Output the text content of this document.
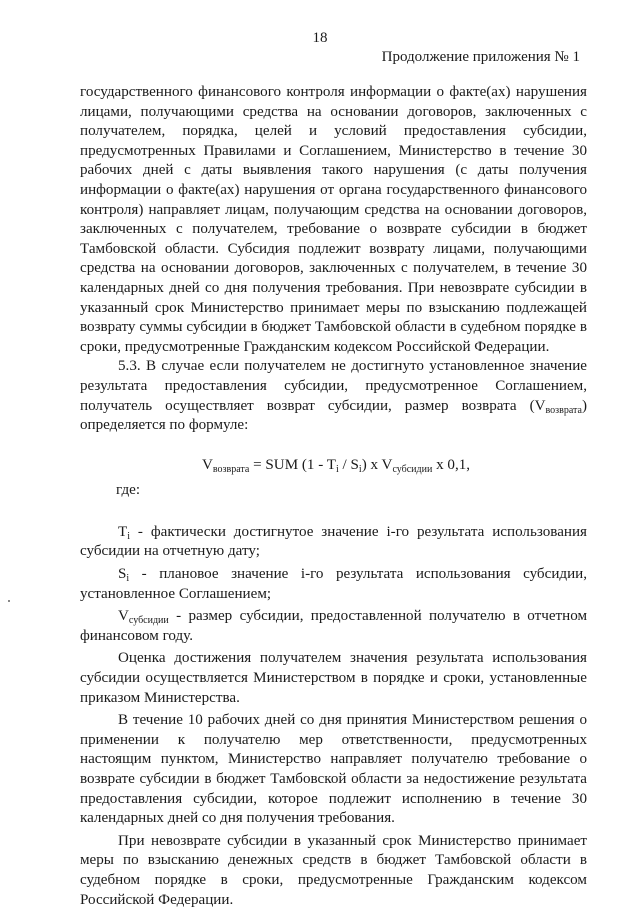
18

Продолжение приложения № 1

государственного финансового контроля информации о факте(ах) нарушения лицами, получающими средства на основании договоров, заключенных с получателем, порядка, целей и условий предоставления субсидии, предусмотренных Правилами и Соглашением, Министерство в течение 30 рабочих дней с даты выявления такого нарушения (с даты получения информации о факте(ах) нарушения от органа государственного финансового контроля) направляет лицам, получающим средства на основании договоров, заключенных с получателем, требование о возврате субсидии в бюджет Тамбовской области. Субсидия подлежит возврату лицами, получающими средства на основании договоров, заключенных с получателем, в течение 30 календарных дней со дня получения требования. При невозврате субсидии в указанный срок Министерство принимает меры по взысканию подлежащей возврату суммы субсидии в бюджет Тамбовской области в судебном порядке в сроки, предусмотренные Гражданским кодексом Российской Федерации.

5.3. В случае если получателем не достигнуто установленное значение результата предоставления субсидии, предусмотренное Соглашением, получатель осуществляет возврат субсидии, размер возврата $(V_{возврата})$ определяется по формуле:

$V_{возврата}$ = SUM $(1 - T_i / S_i)$ x $V_{субсидии}$ x 0,1,

где:

$T_i$ - фактически достигнутое значение i-го результата использования субсидии на отчетную дату;

$S_i$ - плановое значение i-го результата использования субсидии, установленное Соглашением;

$V_{субсидии}$ - размер субсидии, предоставленной получателю в отчетном финансовом году.

Оценка достижения получателем значения результата использования субсидии осуществляется Министерством в порядке и сроки, установленные приказом Министерства.

В течение 10 рабочих дней со дня принятия Министерством решения о применении к получателю мер ответственности, предусмотренных настоящим пунктом, Министерство направляет получателю требование о возврате субсидии в бюджет Тамбовской области за недостижение результата предоставления субсидии, которое подлежит исполнению в течение 30 календарных дней со дня получения требования.

При невозврате субсидии в указанный срок Министерство принимает меры по взысканию денежных средств в бюджет Тамбовской области в судебном порядке в сроки, предусмотренные Гражданским кодексом Российской Федерации.
